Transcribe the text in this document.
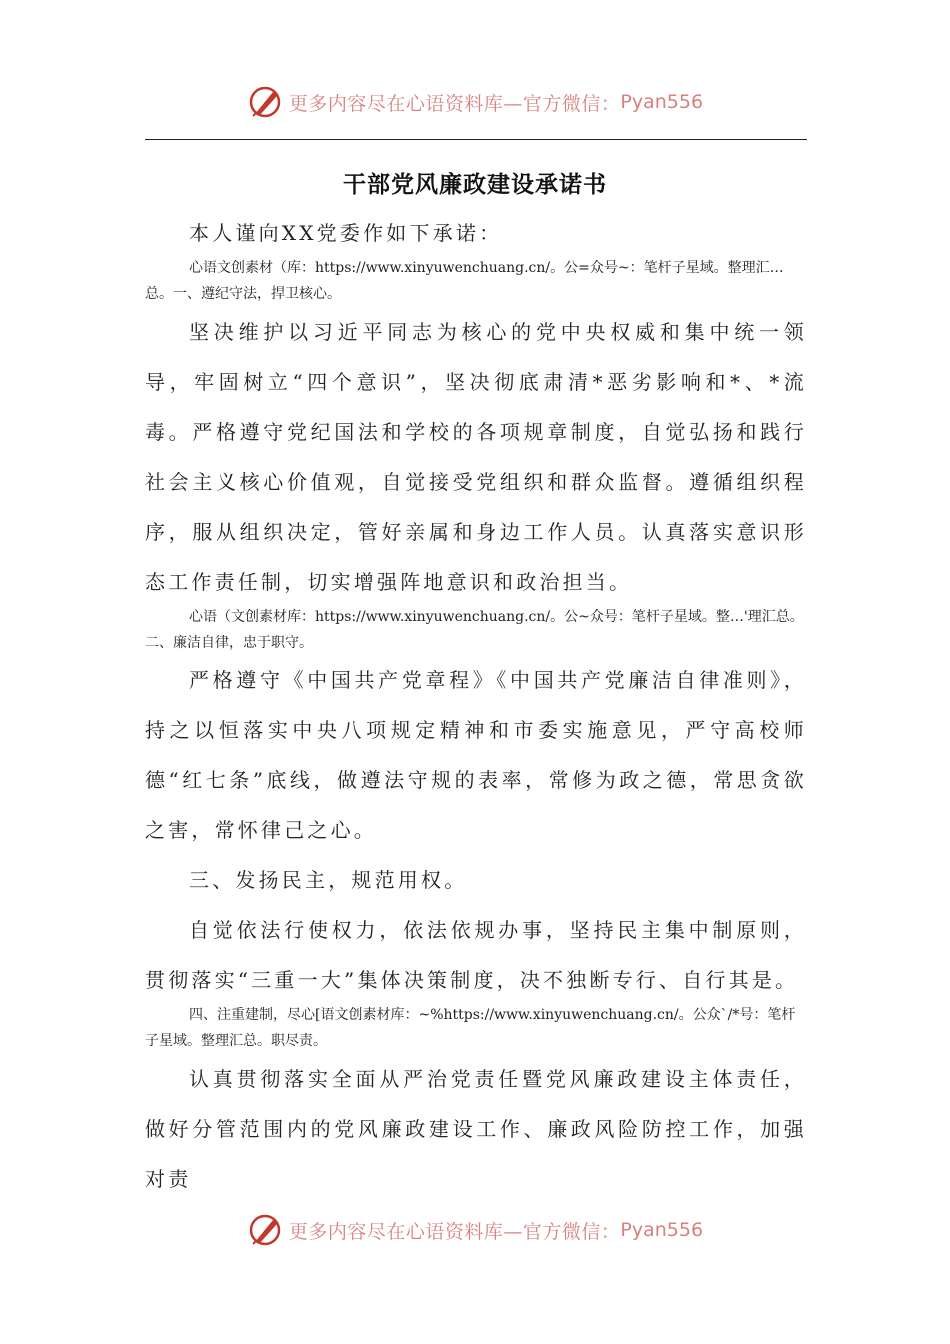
更多内容尽在心语资料库—官方微信： Pyan556
干部党风廉政建设承诺书

本人谨向XX党委作如下承诺：

心语文创素材（库：https://www.xinyuwenchuang.cn/。公=众号~：笔杆子星域。整理汇…总。一、遵纪守法，捍卫核心。

坚决维护以习近平同志为核心的党中央权威和集中统一领导，牢固树立“四个意识”，坚决彻底肃清*恶劣影响和*、*流毒。严格遵守党纪国法和学校的各项规章制度，自觉弘扬和践行社会主义核心价值观，自觉接受党组织和群众监督。遵循组织程序，服从组织决定，管好亲属和身边工作人员。认真落实意识形态工作责任制，切实增强阵地意识和政治担当。

心语（文创素材库：https://www.xinyuwenchuang.cn/。公~众号：笔杆子星域。整…'理汇总。二、廉洁自律，忠于职守。

严格遵守《中国共产党章程》《中国共产党廉洁自律准则》，持之以恒落实中央八项规定精神和市委实施意见，严守高校师德“红七条”底线，做遵法守规的表率，常修为政之德，常思贪欲之害，常怀律己之心。

三、发扬民主，规范用权。

自觉依法行使权力，依法依规办事，坚持民主集中制原则，贯彻落实“三重一大”集体决策制度，决不独断专行、自行其是。

四、注重建制，尽心[语文创素材库：~%https://www.xinyuwenchuang.cn/。公众`/*号：笔杆子星域。整理汇总。职尽责。

认真贯彻落实全面从严治党责任暨党风廉政建设主体责任，做好分管范围内的党风廉政建设工作、廉政风险防控工作，加强对责

更多内容尽在心语资料库—官方微信： Pyan556
